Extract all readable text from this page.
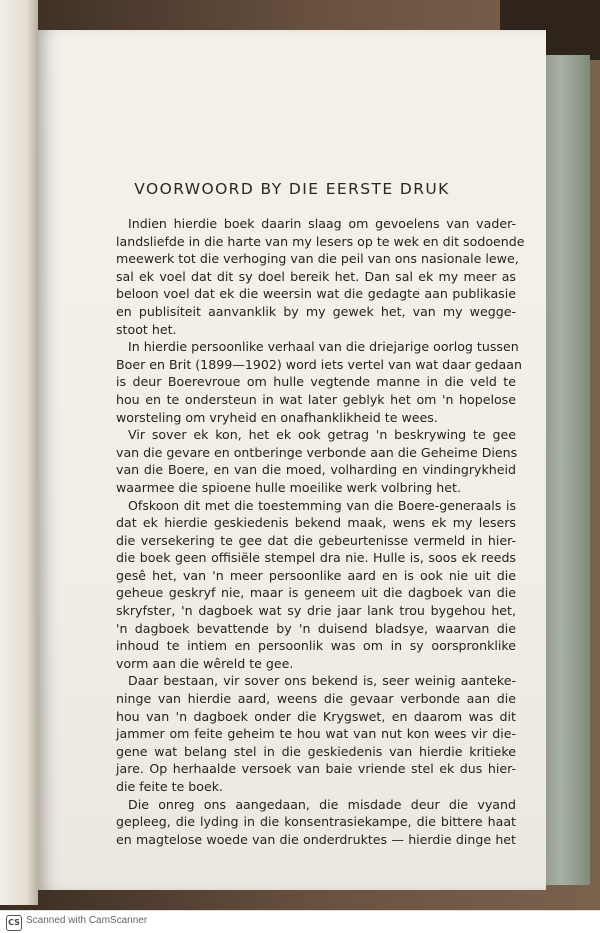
VOORWOORD BY DIE EERSTE DRUK
Indien hierdie boek daarin slaag om gevoelens van vader-
landsliefde in die harte van my lesers op te wek en dit sodoende
meewerk tot die verhoging van die peil van ons nasionale lewe,
sal ek voel dat dit sy doel bereik het. Dan sal ek my meer as
beloon voel dat ek die weersin wat die gedagte aan publikasie
en publisiteit aanvanklik by my gewek het, van my wegge-
stoot het.
In hierdie persoonlike verhaal van die driejarige oorlog tussen
Boer en Brit (1899—1902) word iets vertel van wat daar gedaan
is deur Boerevroue om hulle vegtende manne in die veld te
hou en te ondersteun in wat later geblyk het om 'n hopelose
worsteling om vryheid en onafhanklikheid te wees.
Vir sover ek kon, het ek ook getrag 'n beskrywing te gee
van die gevare en ontberinge verbonde aan die Geheime Diens
van die Boere, en van die moed, volharding en vindingrykheid
waarmee die spioene hulle moeilike werk volbring het.
Ofskoon dit met die toestemming van die Boere-generaals is
dat ek hierdie geskiedenis bekend maak, wens ek my lesers
die versekering te gee dat die gebeurtenisse vermeld in hier-
die boek geen offisiële stempel dra nie. Hulle is, soos ek reeds
gesê het, van 'n meer persoonlike aard en is ook nie uit die
geheue geskryf nie, maar is geneem uit die dagboek van die
skryfster, 'n dagboek wat sy drie jaar lank trou bygehou het,
'n dagboek bevattende by 'n duisend bladsye, waarvan die
inhoud te intiem en persoonlik was om in sy oorspronklike
vorm aan die wêreld te gee.
Daar bestaan, vir sover ons bekend is, seer weinig aanteke-
ninge van hierdie aard, weens die gevaar verbonde aan die
hou van 'n dagboek onder die Krygswet, en daarom was dit
jammer om feite geheim te hou wat van nut kon wees vir die-
gene wat belang stel in die geskiedenis van hierdie kritieke
jare. Op herhaalde versoek van baie vriende stel ek dus hier-
die feite te boek.
Die onreg ons aangedaan, die misdade deur die vyand
gepleeg, die lyding in die konsentrasiekampe, die bittere haat
en magtelose woede van die onderdruktes — hierdie dinge het
CS Scanned with CamScanner
